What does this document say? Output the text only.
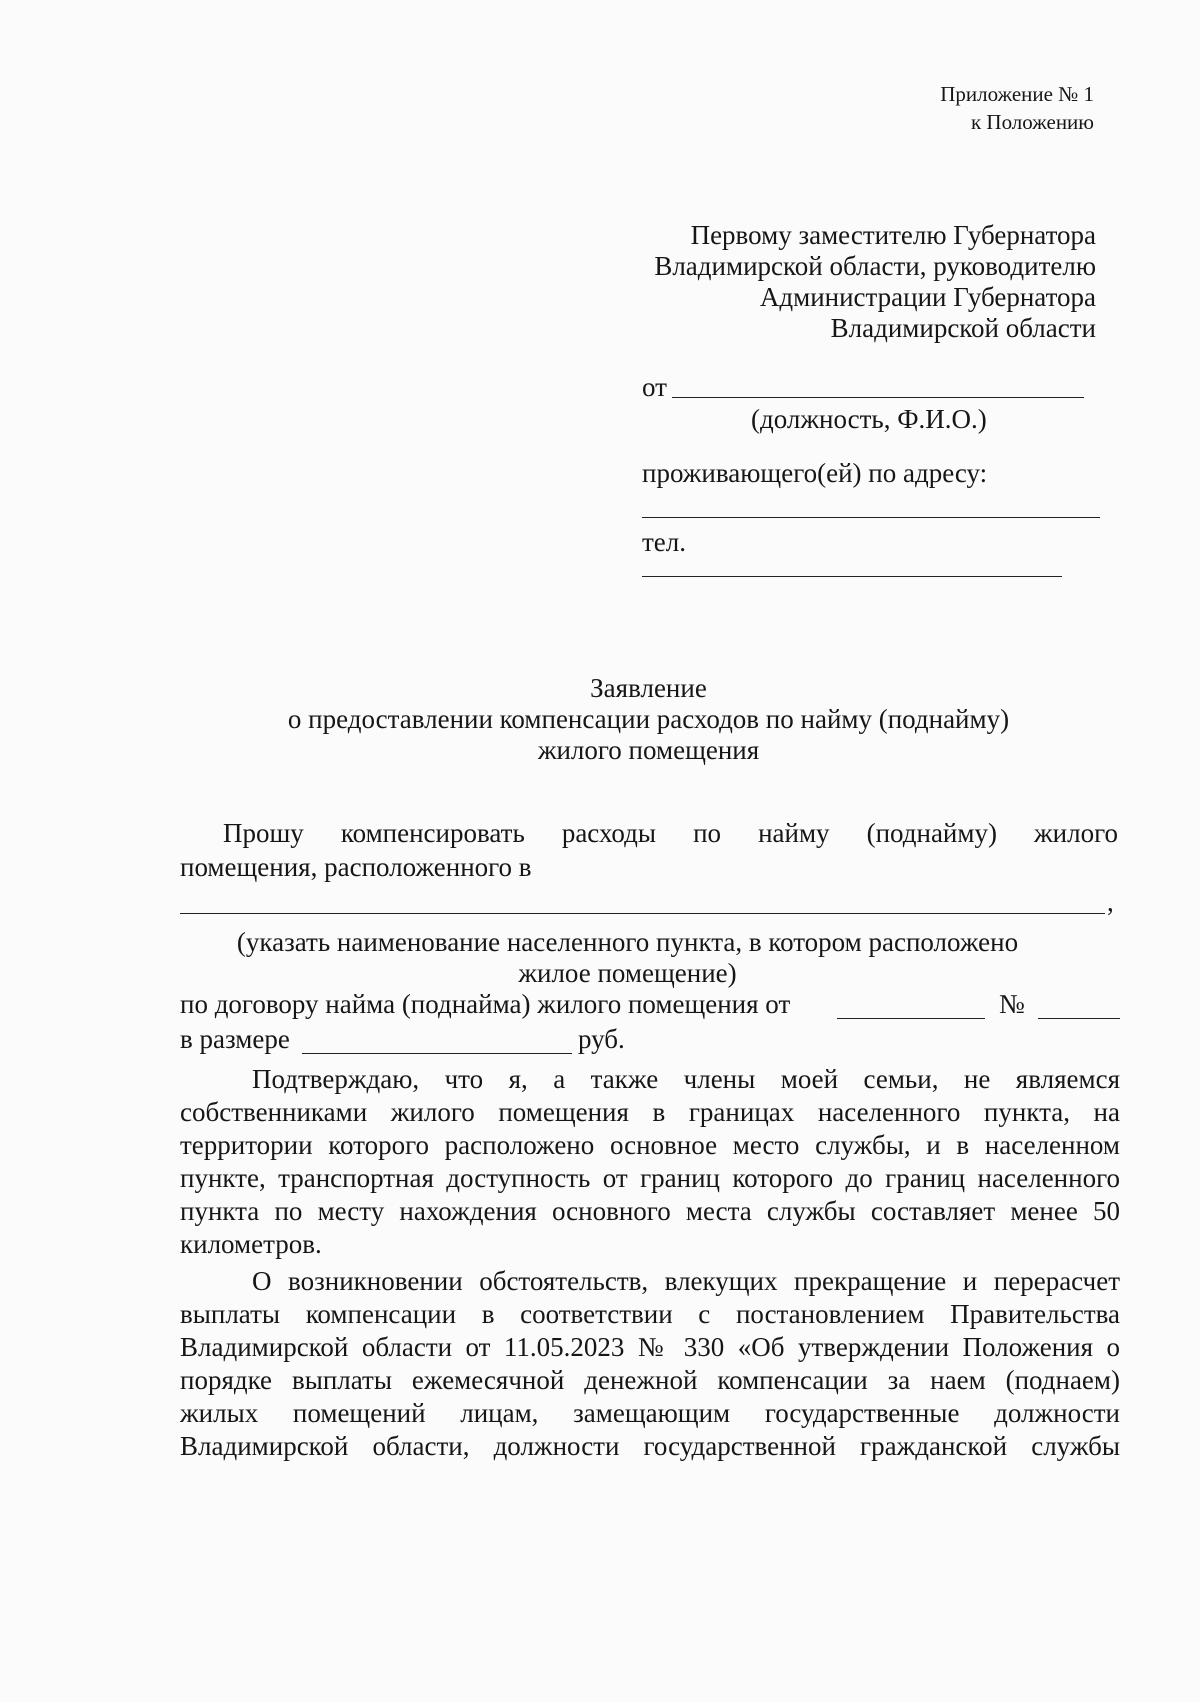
Приложение № 1
к Положению
Первому заместителю Губернатора
Владимирской области, руководителю
Администрации Губернатора
Владимирской области
от
(должность, Ф.И.О.)
проживающего(ей) по адресу:
тел.
Заявление
о предоставлении компенсации расходов по найму (поднайму)
жилого помещения
Прошу компенсировать расходы по найму (поднайму) жилого
помещения, расположенного в
,
(указать наименование населенного пункта, в котором расположено
жилое помещение)
по договору найма (поднайма) жилого помещения от	№
в размере	руб.
Подтверждаю, что я, а также члены моей семьи, не являемся
собственниками жилого помещения в границах населенного пункта, на
территории которого расположено основное место службы, и в населенном
пункте, транспортная доступность от границ которого до границ населенного
пункта по месту нахождения основного места службы составляет менее 50
километров.
О возникновении обстоятельств, влекущих прекращение и перерасчет
выплаты компенсации в соответствии с постановлением Правительства
Владимирской области от 11.05.2023 № 330 «Об утверждении Положения о
порядке выплаты ежемесячной денежной компенсации за наем (поднаем)
жилых помещений лицам, замещающим государственные должности
Владимирской области, должности государственной гражданской службы
